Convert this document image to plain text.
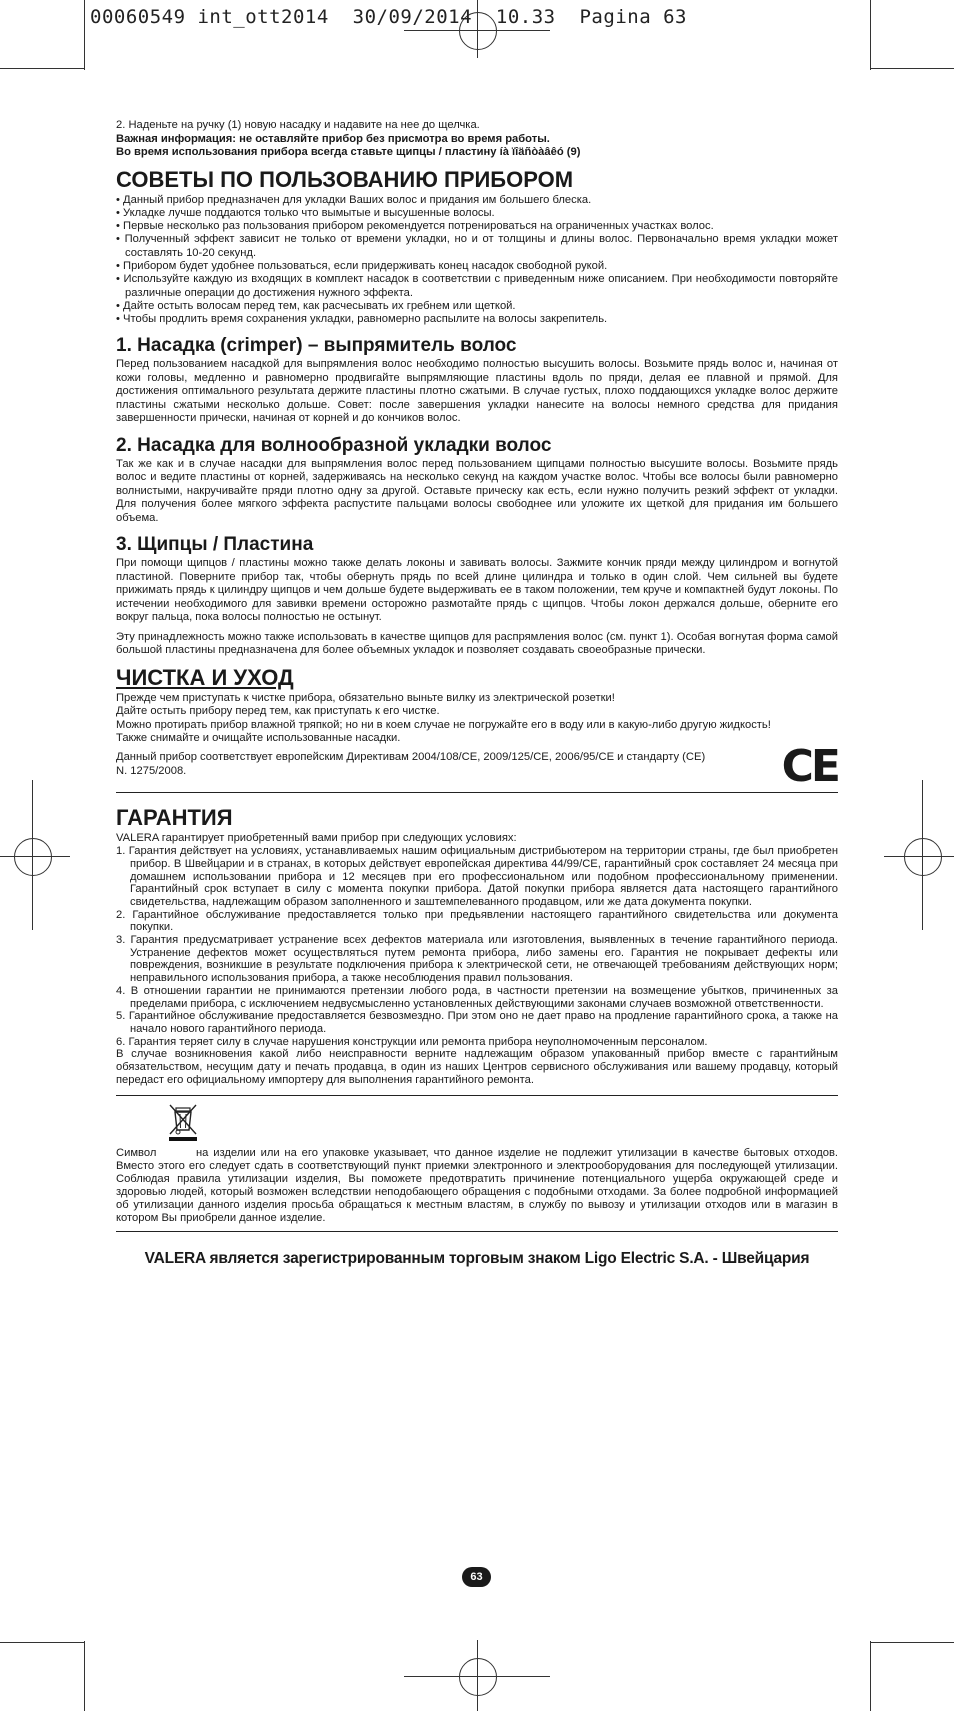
00060549 int_ott2014  30/09/2014  10.33  Pagina 63

2. Наденьте на ручку (1) новую насадку и надавите на нее до щелчка.

Важная информация: не оставляйте прибор без присмотра во время работы.

Во время использования прибора всегда ставьте щипцы / пластину íà ïîäñòàâêó (9)

СОВЕТЫ ПО ПОЛЬЗОВАНИЮ ПРИБОРОМ
• Данный прибор предназначен для укладки Ваших волос и придания им большего блеска.
• Укладке лучше поддаются только что вымытые и высушенные волосы.
• Первые несколько раз пользования прибором рекомендуется потренироваться на ограниченных участках волос.
• Полученный эффект зависит не только от времени укладки, но и от толщины и длины волос. Первоначально время укладки может составлять 10-20 секунд.
• Прибором будет удобнее пользоваться, если придерживать конец насадок свободной рукой.
• Используйте каждую из входящих в комплект насадок в соответствии с приведенным ниже описанием. При необходимости повторяйте различные операции до достижения нужного эффекта.
• Дайте остыть волосам перед тем, как расчесывать их гребнем или щеткой.
• Чтобы продлить время сохранения укладки, равномерно распылите на волосы закрепитель.
1. Насадка (crimper) – выпрямитель волос

Перед пользованием насадкой для выпрямления волос необходимо полностью высушить волосы. Возьмите прядь волос и, начиная от кожи головы, медленно и равномерно продвигайте выпрямляющие пластины вдоль по пряди, делая ее плавной и прямой. Для достижения оптимального результата держите пластины плотно сжатыми. В случае густых, плохо поддающихся укладке волос держите пластины сжатыми несколько дольше. Совет: после завершения укладки нанесите на волосы немного средства для придания завершенности прически, начиная от корней и до кончиков волос.

2. Насадка для волнообразной укладки волос

Так же как и в случае насадки для выпрямления волос перед пользованием щипцами полностью высушите волосы. Возьмите прядь волос и ведите пластины от корней, задерживаясь на несколько секунд на каждом участке волос. Чтобы все волосы были равномерно волнистыми, накручивайте пряди плотно одну за другой. Оставьте прическу как есть, если нужно получить резкий эффект от укладки. Для получения более мягкого эффекта распустите пальцами волосы свободнее или уложите их щеткой для придания им большего объема.

3. Щипцы / Пластина

При помощи щипцов / пластины можно также делать локоны и завивать волосы. Зажмите кончик пряди между цилиндром и вогнутой пластиной. Поверните прибор так, чтобы обернуть прядь по всей длине цилиндра и только в один слой. Чем сильней вы будете прижимать прядь к цилиндру щипцов и чем дольше будете выдерживать ее в таком положении, тем круче и компактней будут локоны. По истечении необходимого для завивки времени осторожно размотайте прядь с щипцов. Чтобы локон держался дольше, оберните его вокруг пальца, пока волосы полностью не остынут.

Эту принадлежность можно также использовать в качестве щипцов для распрямления волос (см. пункт 1). Особая вогнутая форма самой большой пластины предназначена для более объемных укладок и позволяет создавать своеобразные прически.

ЧИСТКА И УХОД

Прежде чем приступать к чистке прибора, обязательно выньте вилку из электрической розетки!

Дайте остыть прибору перед тем, как приступать к его чистке.

Можно протирать прибор влажной тряпкой; но ни в коем случае не погружайте его в воду или в какую-либо другую жидкость!

Также снимайте и очищайте использованные насадки.

Данный прибор соответствует европейским Директивам 2004/108/CE, 2009/125/CE, 2006/95/CE и стандарту (CE) N. 1275/2008.	CE
ГАРАНТИЯ

VALERA гарантирует приобретенный вами прибор при следующих условиях:

1. Гарантия действует на условиях, устанавливаемых нашим официальным дистрибьютером на территории страны, где был приобретен прибор. В Швейцарии и в странах, в которых действует европейская директива 44/99/CE, гарантийный срок составляет 24 месяца при домашнем использовании прибора и 12 месяцев при его профессиональном или подобном профессиональному применении. Гарантийный срок вступает в силу с момента покупки прибора. Датой покупки прибора является дата настоящего гарантийного свидетельства, надлежащим образом заполненного и заштемпелеванного продавцом, или же дата документа покупки.
2. Гарантийное обслуживание предоставляется только при предьявлении настоящего гарантийного свидетельства или документа покупки.
3. Гарантия предусматривает устранение всех дефектов материала или изготовления, выявленных в течение гарантийного периода. Устранение дефектов может осуществляться путем ремонта прибора, либо замены его. Гарантия не покрывает дефекты или повреждения, возникшие в результате подключения прибора к электрической сети, не отвечающей требованиям действующих норм; неправильного использования прибора, а также несоблюдения правил пользования.
4. В отношении гарантии не принимаются претензии любого рода, в частности претензии на возмещение убытков, причиненных за пределами прибора, с исключением недвусмысленно установленных действующими законами случаев возможной ответственности.
5. Гарантийное обслуживание предоставляется безвозмездно. При этом оно не дает право на продление гарантийного срока, а также на начало нового гарантийного периода.
6. Гарантия теряет силу в случае нарушения конструкции или ремонта прибора неуполномоченным персоналом.

В случае возникновения какой либо неисправности верните надлежащим образом упакованный прибор вместе с гарантийным обязательством, несущим дату и печать продавца, в один из наших Центров сервисного обслуживания или вашему продавцу, который передаст его официальному импортеру для выполнения гарантийного ремонта.

Символ	на изделии или на его упаковке указывает, что данное изделие не подлежит утилизации в качестве бытовых отходов. Вместо этого его следует сдать в соответствующий пункт приемки электронного и электрооборудования для последующей утилизации. Соблюдая правила утилизации изделия, Вы поможете предотвратить причинение потенциального ущерба окружающей среде и здоровью людей, который возможен вследствии неподобающего обращения с подобными отходами. За более подробной информацией об утилизации данного изделия просьба обращаться к местным властям, в службу по вывозу и утилизации отходов или в магазин в котором Вы приобрели данное изделие.

VALERA является зарегистрированным торговым знаком Ligo Electric S.A. - Швейцария
63
